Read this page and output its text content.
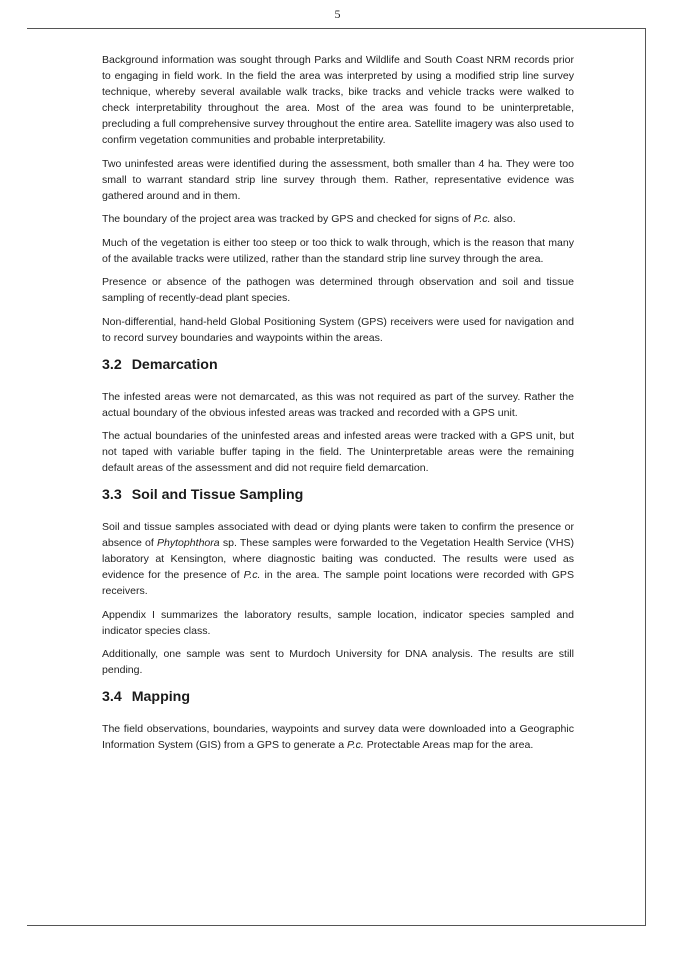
5

Background information was sought through Parks and Wildlife and South Coast NRM records prior to engaging in field work. In the field the area was interpreted by using a modified strip line survey technique, whereby several available walk tracks, bike tracks and vehicle tracks were walked to check interpretability throughout the area. Most of the area was found to be uninterpretable, precluding a full comprehensive survey throughout the entire area. Satellite imagery was also used to confirm vegetation communities and probable interpretability.

Two uninfested areas were identified during the assessment, both smaller than 4 ha. They were too small to warrant standard strip line survey through them. Rather, representative evidence was gathered around and in them.

The boundary of the project area was tracked by GPS and checked for signs of P.c. also.

Much of the vegetation is either too steep or too thick to walk through, which is the reason that many of the available tracks were utilized, rather than the standard strip line survey through the area.

Presence or absence of the pathogen was determined through observation and soil and tissue sampling of recently-dead plant species.

Non-differential, hand-held Global Positioning System (GPS) receivers were used for navigation and to record survey boundaries and waypoints within the areas.

3.2 Demarcation

The infested areas were not demarcated, as this was not required as part of the survey. Rather the actual boundary of the obvious infested areas was tracked and recorded with a GPS unit.

The actual boundaries of the uninfested areas and infested areas were tracked with a GPS unit, but not taped with variable buffer taping in the field. The Uninterpretable areas were the remaining default areas of the assessment and did not require field demarcation.

3.3 Soil and Tissue Sampling

Soil and tissue samples associated with dead or dying plants were taken to confirm the presence or absence of Phytophthora sp. These samples were forwarded to the Vegetation Health Service (VHS) laboratory at Kensington, where diagnostic baiting was conducted. The results were used as evidence for the presence of P.c. in the area. The sample point locations were recorded with GPS receivers.

Appendix I summarizes the laboratory results, sample location, indicator species sampled and indicator species class.

Additionally, one sample was sent to Murdoch University for DNA analysis. The results are still pending.

3.4 Mapping

The field observations, boundaries, waypoints and survey data were downloaded into a Geographic Information System (GIS) from a GPS to generate a P.c. Protectable Areas map for the area.
